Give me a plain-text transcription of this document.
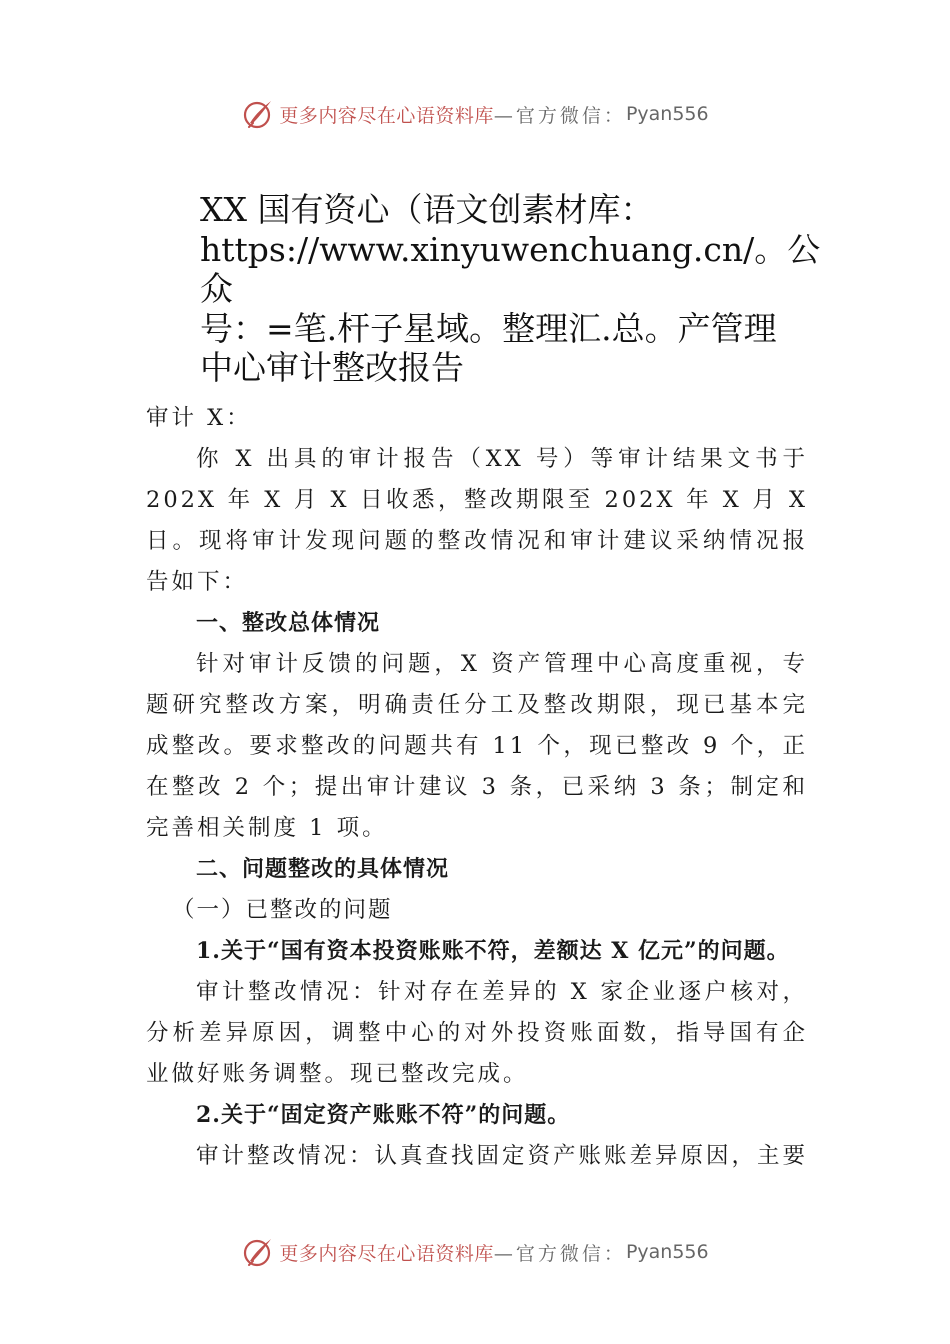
更多内容尽在心语资料库 —官方微信： Pyan556
XX 国有资心（语文创素材库：
https://www.xinyuwenchuang.cn/。公众
号：=笔.杆子星域。整理汇.总。产管理
中心审计整改报告

审计 X：

你 X 出具的审计报告（XX 号）等审计结果文书于 202X 年 X 月 X 日收悉，整改期限至 202X 年 X 月 X 日。现将审计发现问题的整改情况和审计建议采纳情况报告如下：

一、整改总体情况

针对审计反馈的问题，X 资产管理中心高度重视，专题研究整改方案，明确责任分工及整改期限，现已基本完成整改。要求整改的问题共有 11 个，现已整改 9 个，正在整改 2 个；提出审计建议 3 条，已采纳 3 条；制定和完善相关制度 1 项。

二、问题整改的具体情况

（一）已整改的问题

1.关于“国有资本投资账账不符，差额达 X 亿元”的问题。

审计整改情况：针对存在差异的 X 家企业逐户核对，分析差异原因，调整中心的对外投资账面数，指导国有企业做好账务调整。现已整改完成。

2.关于“固定资产账账不符”的问题。

审计整改情况：认真查找固定资产账账差异原因，主要

更多内容尽在心语资料库 —官方微信： Pyan556
